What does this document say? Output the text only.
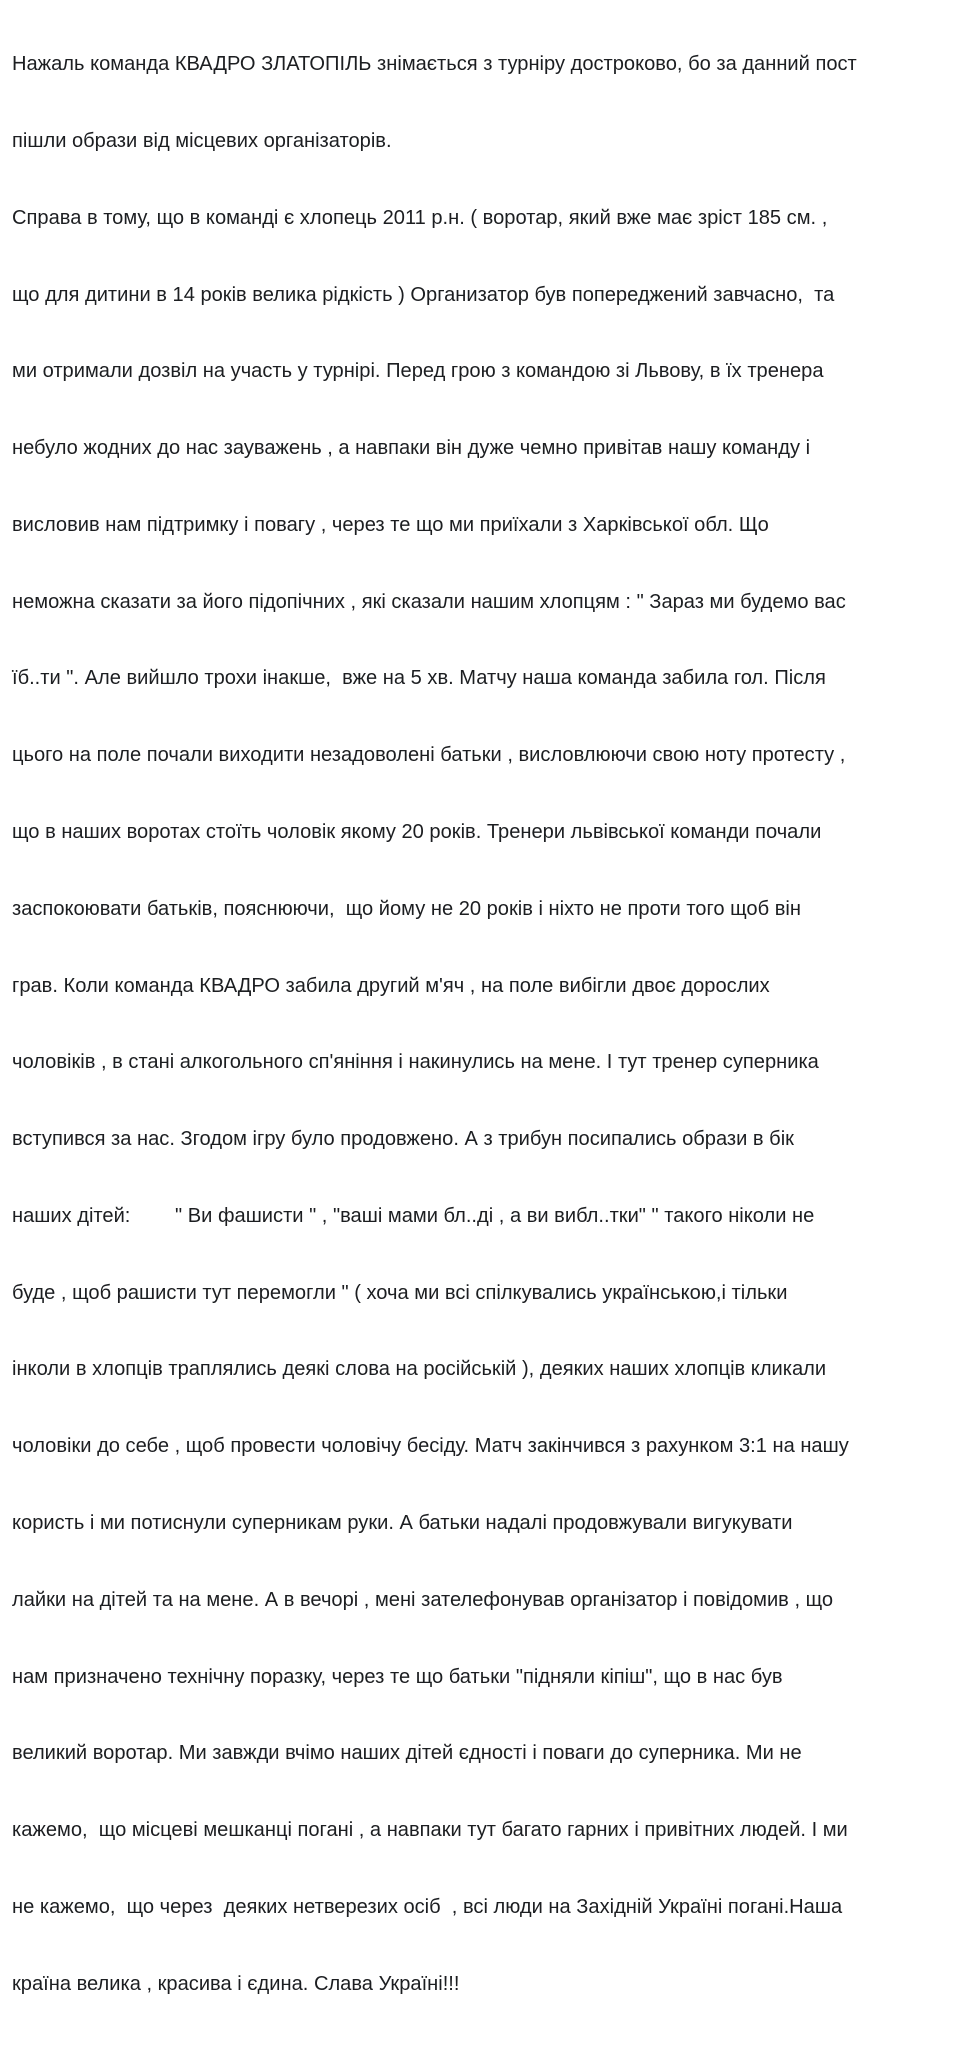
Нажаль команда КВАДРО ЗЛАТОПІЛЬ знімається з турніру достроково, бо за данний пост

пішли образи від місцевих організаторів.

Справа в тому, що в команді є хлопець 2011 р.н. ( воротар, який вже має зріст 185 см. ,

що для дитини в 14 років велика рідкість ) Организатор був попереджений завчасно,  та

ми отримали дозвіл на участь у турнірі. Перед грою з командою зі Львову, в їх тренера

небуло жодних до нас зауважень , а навпаки він дуже чемно привітав нашу команду і

висловив нам підтримку і повагу , через те що ми приїхали з Харківської обл. Що

неможна сказати за його підопічних , які сказали нашим хлопцям : " Зараз ми будемо вас

їб..ти ". Але вийшло трохи інакше,  вже на 5 хв. Матчу наша команда забила гол. Після

цього на поле почали виходити незадоволені батьки , висловлюючи свою ноту протесту ,

що в наших воротах стоїть чоловік якому 20 років. Тренери львівської команди почали

заспокоювати батьків, пояснюючи,  що йому не 20 років і ніхто не проти того щоб він

грав. Коли команда КВАДРО забила другий м'яч , на поле вибігли двоє дорослих

чоловіків , в стані алкогольного сп'яніння і накинулись на мене. І тут тренер суперника

вступився за нас. Згодом ігру було продовжено. А з трибун посипались образи в бік

наших дітей:        " Ви фашисти " , "ваші мами бл..ді , а ви вибл..тки" " такого ніколи не

буде , щоб рашисти тут перемогли " ( хоча ми всі спілкувались українською,і тільки

інколи в хлопців траплялись деякі слова на російській ), деяких наших хлопців кликали

чоловіки до себе , щоб провести чоловічу бесіду. Матч закінчився з рахунком 3:1 на нашу

користь і ми потиснули суперникам руки. А батьки надалі продовжували вигукувати

лайки на дітей та на мене. А в вечорі , мені зателефонував організатор і повідомив , що

нам призначено технічну поразку, через те що батьки "підняли кіпіш", що в нас був

великий воротар. Ми завжди вчімо наших дітей єдності і поваги до суперника. Ми не

кажемо,  що місцеві мешканці погані , а навпаки тут багато гарних і привітних людей. І ми

не кажемо,  що через  деяких нетверезих осіб  , всі люди на Західній Україні погані.Наша

країна велика , красива і єдина. Слава Україні!!!
